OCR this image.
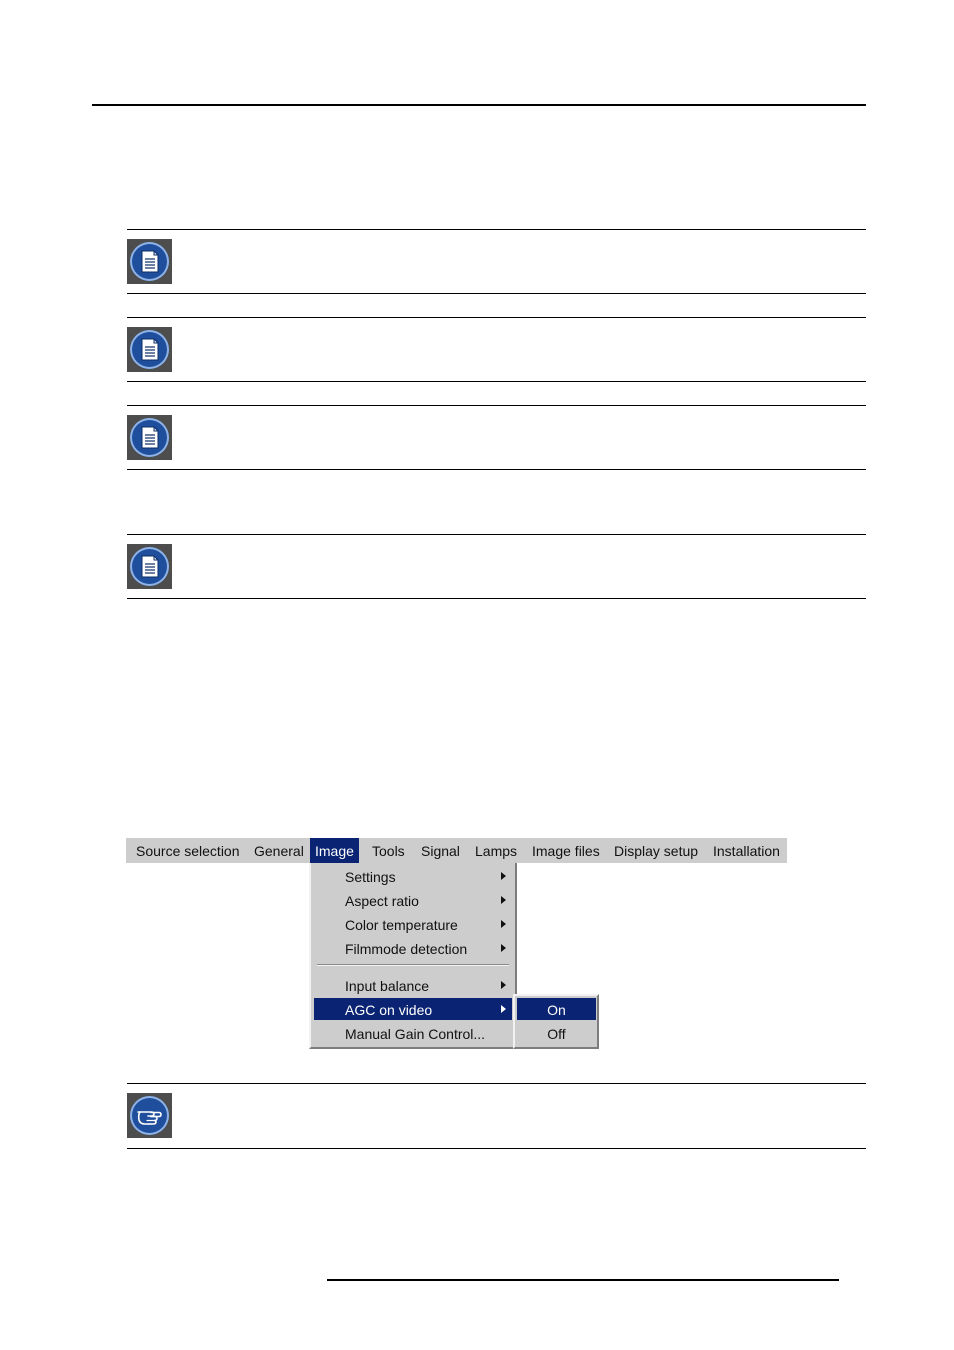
Source selection General Image	Tools Signal Lamps Image files Display setup Installation
Settings
Aspect ratio
Color temperature
Filmmode detection
Input balance
AGC on video
Manual Gain Control...
On
Off
